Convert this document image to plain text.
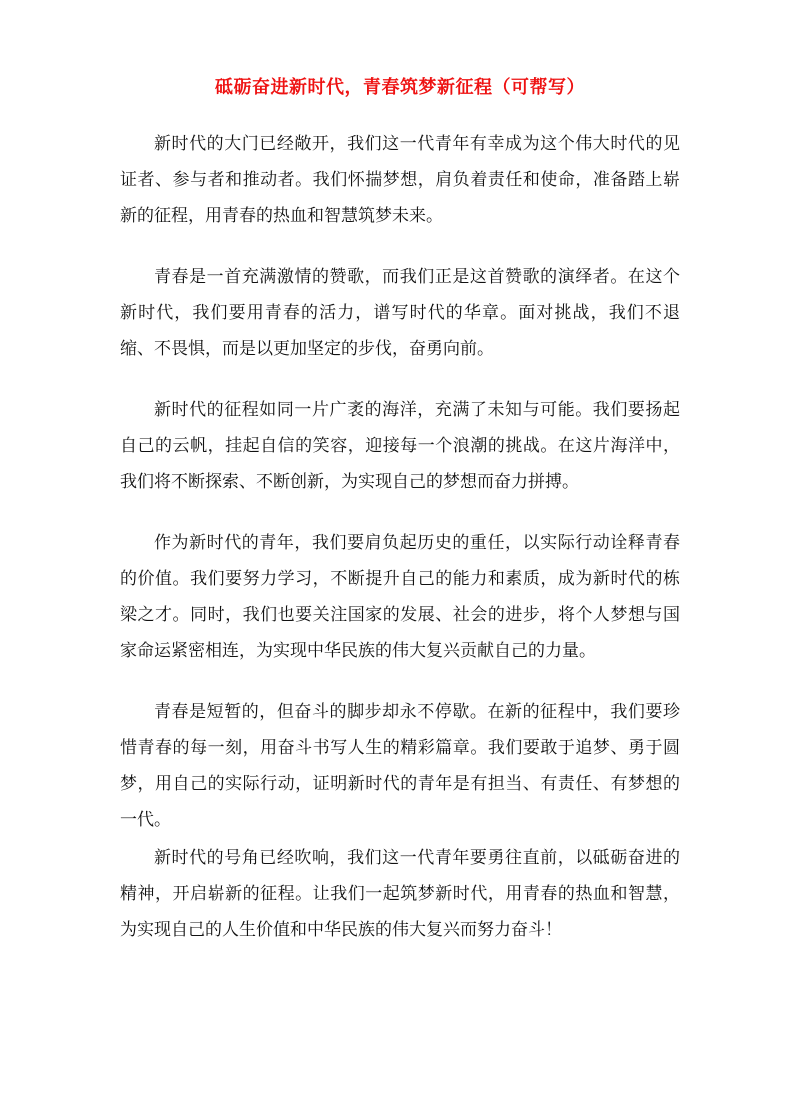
砥砺奋进新时代，青春筑梦新征程（可帮写）

新时代的大门已经敞开，我们这一代青年有幸成为这个伟大时代的见证者、参与者和推动者。我们怀揣梦想，肩负着责任和使命，准备踏上崭新的征程，用青春的热血和智慧筑梦未来。

青春是一首充满激情的赞歌，而我们正是这首赞歌的演绎者。在这个新时代，我们要用青春的活力，谱写时代的华章。面对挑战，我们不退缩、不畏惧，而是以更加坚定的步伐，奋勇向前。

新时代的征程如同一片广袤的海洋，充满了未知与可能。我们要扬起自己的云帆，挂起自信的笑容，迎接每一个浪潮的挑战。在这片海洋中，我们将不断探索、不断创新，为实现自己的梦想而奋力拼搏。

作为新时代的青年，我们要肩负起历史的重任，以实际行动诠释青春的价值。我们要努力学习，不断提升自己的能力和素质，成为新时代的栋梁之才。同时，我们也要关注国家的发展、社会的进步，将个人梦想与国家命运紧密相连，为实现中华民族的伟大复兴贡献自己的力量。

青春是短暂的，但奋斗的脚步却永不停歇。在新的征程中，我们要珍惜青春的每一刻，用奋斗书写人生的精彩篇章。我们要敢于追梦、勇于圆梦，用自己的实际行动，证明新时代的青年是有担当、有责任、有梦想的一代。

新时代的号角已经吹响，我们这一代青年要勇往直前，以砥砺奋进的精神，开启崭新的征程。让我们一起筑梦新时代，用青春的热血和智慧，为实现自己的人生价值和中华民族的伟大复兴而努力奋斗！
